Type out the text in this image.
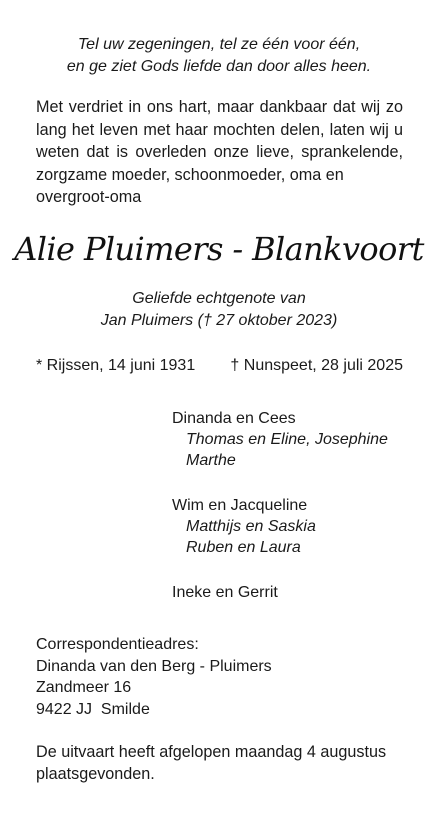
Tel uw zegeningen, tel ze één voor één,
en ge ziet Gods liefde dan door alles heen.
Met verdriet in ons hart, maar dankbaar dat wij zo lang het leven met haar mochten delen, laten wij u weten dat is overleden onze lieve, sprankelende, zorgzame moeder, schoonmoeder, oma en
overgroot-oma
Alie Pluimers - Blankvoort
Geliefde echtgenote van
Jan Pluimers († 27 oktober 2023)
* Rijssen, 14 juni 1931 † Nunspeet, 28 juli 2025
Dinanda en Cees
Thomas en Eline, Josephine
Marthe
Wim en Jacqueline
Matthijs en Saskia
Ruben en Laura
Ineke en Gerrit
Correspondentieadres:
Dinanda van den Berg - Pluimers
Zandmeer 16
9422 JJ  Smilde
De uitvaart heeft afgelopen maandag 4 augustus
plaatsgevonden.
